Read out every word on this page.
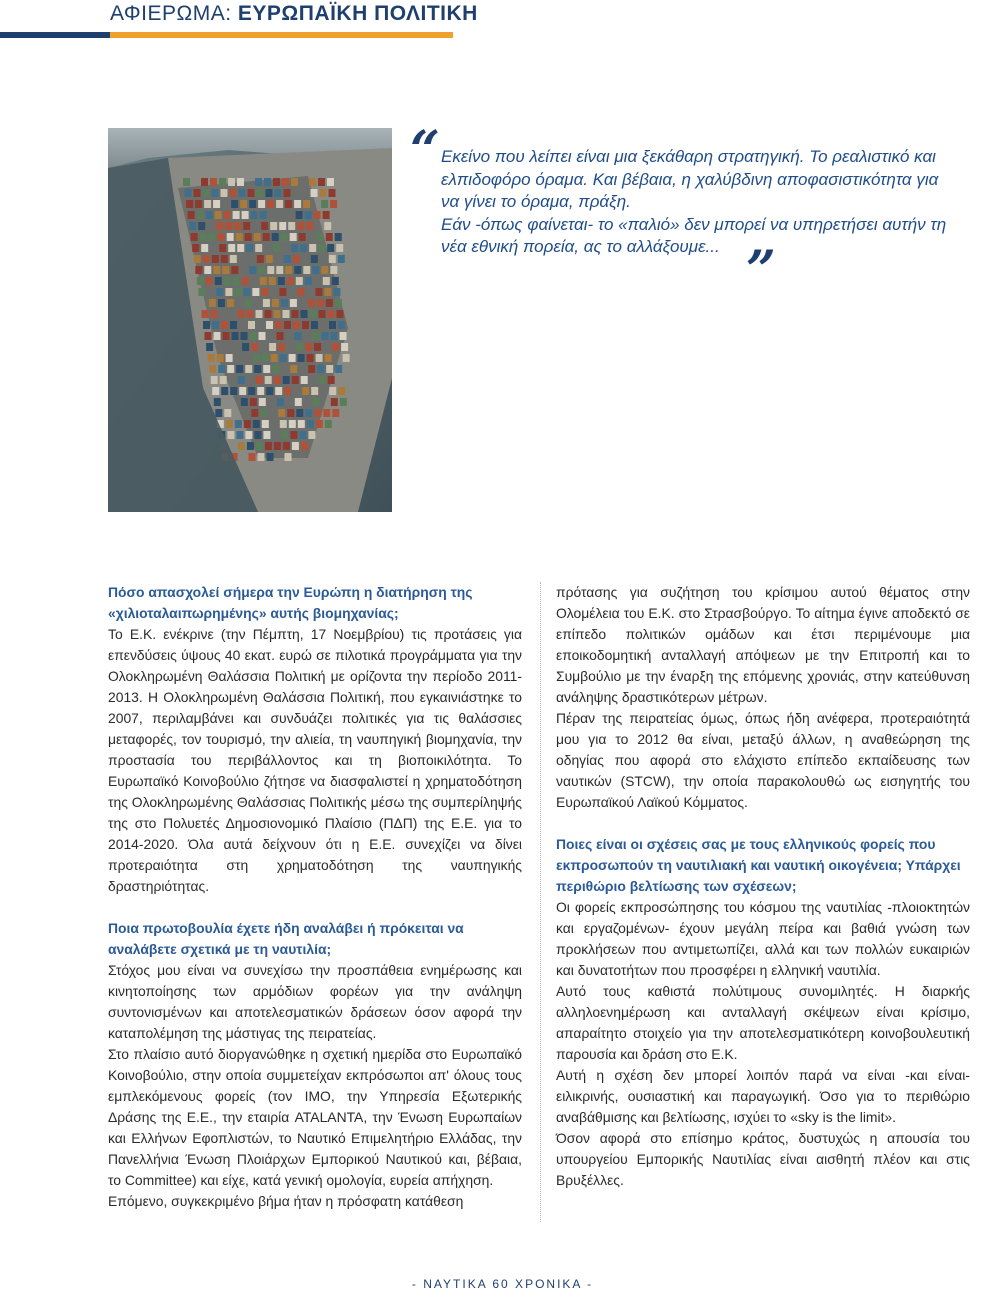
ΑΦΙΕΡΩΜΑ: ΕΥΡΩΠΑΪΚΗ ΠΟΛΙΤΙΚΗ
“ Εκείνο που λείπει είναι μια ξεκάθαρη στρατηγική. Το ρεαλιστικό και

ελπιδοφόρο όραμα. Και βέβαια, η χαλύβδινη αποφασιστικότητα για

να γίνει το όραμα, πράξη.

Εάν -όπως φαίνεται- το «παλιό» δεν μπορεί να υπηρετήσει αυτήν τη

νέα εθνική πορεία, ας το αλλάξουμε... ”

Πόσο απασχολεί σήμερα την Ευρώπη η διατήρηση της «χιλιοταλαιπωρημένης» αυτής βιομηχανίας;

Το Ε.Κ. ενέκρινε (την Πέμπτη, 17 Νοεμβρίου) τις προτάσεις για επενδύσεις ύψους 40 εκατ. ευρώ σε πιλοτικά προγράμματα για την Ολοκληρωμένη Θαλάσσια Πολιτική με ορίζοντα την περίοδο 2011-2013. Η Ολοκληρωμένη Θαλάσσια Πολιτική, που εγκαινιάστηκε το 2007, περιλαμβάνει και συνδυάζει πολιτικές για τις θαλάσσιες μεταφορές, τον τουρισμό, την αλιεία, τη ναυπηγική βιομηχανία, την προστασία του περιβάλλοντος και τη βιοποικιλότητα. Το Ευρωπαϊκό Κοινοβούλιο ζήτησε να διασφαλιστεί η χρηματοδότηση της Ολοκληρωμένης Θαλάσσιας Πολιτικής μέσω της συμπερίληψής της στο Πολυετές Δημοσιονομικό Πλαίσιο (ΠΔΠ) της Ε.Ε. για το 2014-2020. Όλα αυτά δείχνουν ότι η Ε.Ε. συνεχίζει να δίνει προτεραιότητα στη χρηματοδότηση της ναυπηγικής δραστηριότητας.

Ποια πρωτοβουλία έχετε ήδη αναλάβει ή πρόκειται να αναλάβετε σχετικά με τη ναυτιλία;

Στόχος μου είναι να συνεχίσω την προσπάθεια ενημέρωσης και κινητοποίησης των αρμόδιων φορέων για την ανάληψη συντονισμένων και αποτελεσματικών δράσεων όσον αφορά την καταπολέμηση της μάστιγας της πειρατείας.

Στο πλαίσιο αυτό διοργανώθηκε η σχετική ημερίδα στο Ευρωπαϊκό Κοινοβούλιο, στην οποία συμμετείχαν εκπρόσωποι απ' όλους τους εμπλεκόμενους φορείς (τον ΙΜΟ, την Υπηρεσία Εξωτερικής Δράσης της Ε.Ε., την εταιρία ATALANTA, την Ένωση Ευρωπαίων και Ελλήνων Εφοπλιστών, το Ναυτικό Επιμελητήριο Ελλάδας, την Πανελλήνια Ένωση Πλοιάρχων Εμπορικού Ναυτικού και, βέβαια, το Committee) και είχε, κατά γενική ομολογία, ευρεία απήχηση.

Επόμενο, συγκεκριμένο βήμα ήταν η πρόσφατη κατάθεση

πρότασης για συζήτηση του κρίσιμου αυτού θέματος στην Ολομέλεια του Ε.Κ. στο Στρασβούργο. Το αίτημα έγινε αποδεκτό σε επίπεδο πολιτικών ομάδων και έτσι περιμένουμε μια εποικοδομητική ανταλλαγή απόψεων με την Επιτροπή και το Συμβούλιο με την έναρξη της επόμενης χρονιάς, στην κατεύθυνση ανάληψης δραστικότερων μέτρων.

Πέραν της πειρατείας όμως, όπως ήδη ανέφερα, προτεραιότητά μου για το 2012 θα είναι, μεταξύ άλλων, η αναθεώρηση της οδηγίας που αφορά στο ελάχιστο επίπεδο εκπαίδευσης των ναυτικών (STCW), την οποία παρακολουθώ ως εισηγητής του Ευρωπαϊκού Λαϊκού Κόμματος.

Ποιες είναι οι σχέσεις σας με τους ελληνικούς φορείς που εκπροσωπούν τη ναυτιλιακή και ναυτική οικογένεια; Υπάρχει περιθώριο βελτίωσης των σχέσεων;

Οι φορείς εκπροσώπησης του κόσμου της ναυτιλίας -πλοιοκτητών και εργαζομένων- έχουν μεγάλη πείρα και βαθιά γνώση των προκλήσεων που αντιμετωπίζει, αλλά και των πολλών ευκαιριών και δυνατοτήτων που προσφέρει η ελληνική ναυτιλία.

Αυτό τους καθιστά πολύτιμους συνομιλητές. Η διαρκής αλληλοενημέρωση και ανταλλαγή σκέψεων είναι κρίσιμο, απαραίτητο στοιχείο για την αποτελεσματικότερη κοινοβουλευτική παρουσία και δράση στο Ε.Κ.

Αυτή η σχέση δεν μπορεί λοιπόν παρά να είναι -και είναι- ειλικρινής, ουσιαστική και παραγωγική. Όσο για το περιθώριο αναβάθμισης και βελτίωσης, ισχύει το «sky is the limit».

Όσον αφορά στο επίσημο κράτος, δυστυχώς η απουσία του υπουργείου Εμπορικής Ναυτιλίας είναι αισθητή πλέον και στις Βρυξέλλες.

- ΝΑΥΤΙΚΑ 60 ΧΡΟΝΙΚΑ -
